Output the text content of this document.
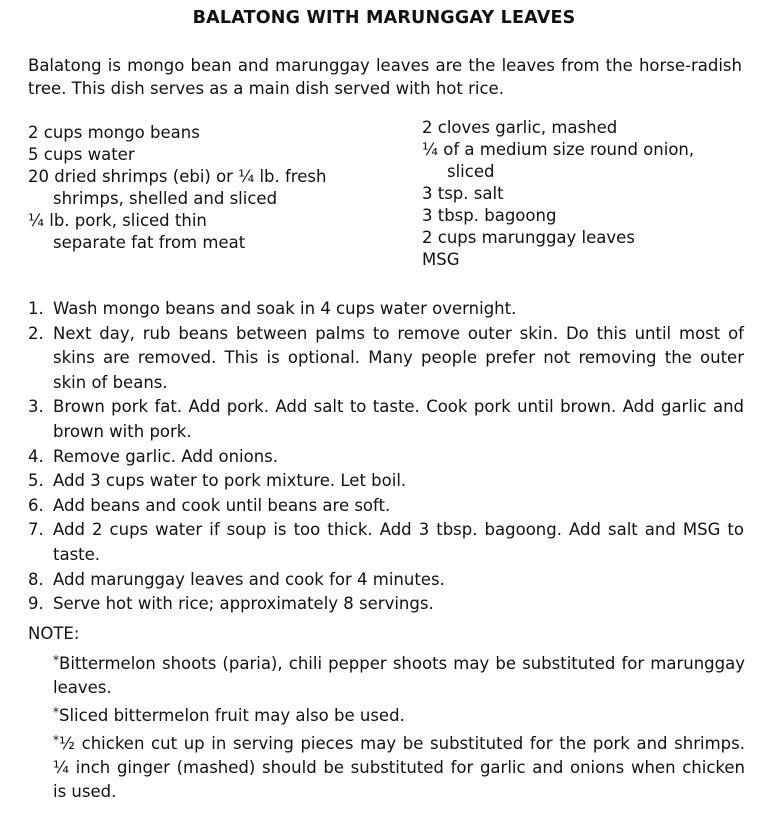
BALATONG WITH MARUNGGAY LEAVES
Balatong is mongo bean and marunggay leaves are the leaves from the horse-radish tree. This dish serves as a main dish served with hot rice.
2 cups mongo beans
5 cups water
20 dried shrimps (ebi) or ¼ lb. fresh
shrimps, shelled and sliced
¼ lb. pork, sliced thin
separate fat from meat
2 cloves garlic, mashed
¼ of a medium size round onion,
sliced
3 tsp. salt
3 tbsp. bagoong
2 cups marunggay leaves
MSG
1. Wash mongo beans and soak in 4 cups water overnight.
2. Next day, rub beans between palms to remove outer skin. Do this until most of skins are removed. This is optional. Many people prefer not removing the outer skin of beans.
3. Brown pork fat. Add pork. Add salt to taste. Cook pork until brown. Add garlic and brown with pork.
4. Remove garlic. Add onions.
5. Add 3 cups water to pork mixture. Let boil.
6. Add beans and cook until beans are soft.
7. Add 2 cups water if soup is too thick. Add 3 tbsp. bagoong. Add salt and MSG to taste.
8. Add marunggay leaves and cook for 4 minutes.
9. Serve hot with rice; approximately 8 servings.
NOTE:
*Bittermelon shoots (paria), chili pepper shoots may be substituted for marunggay leaves.
*Sliced bittermelon fruit may also be used.
*½ chicken cut up in serving pieces may be substituted for the pork and shrimps. ¼ inch ginger (mashed) should be substituted for garlic and onions when chicken is used.
